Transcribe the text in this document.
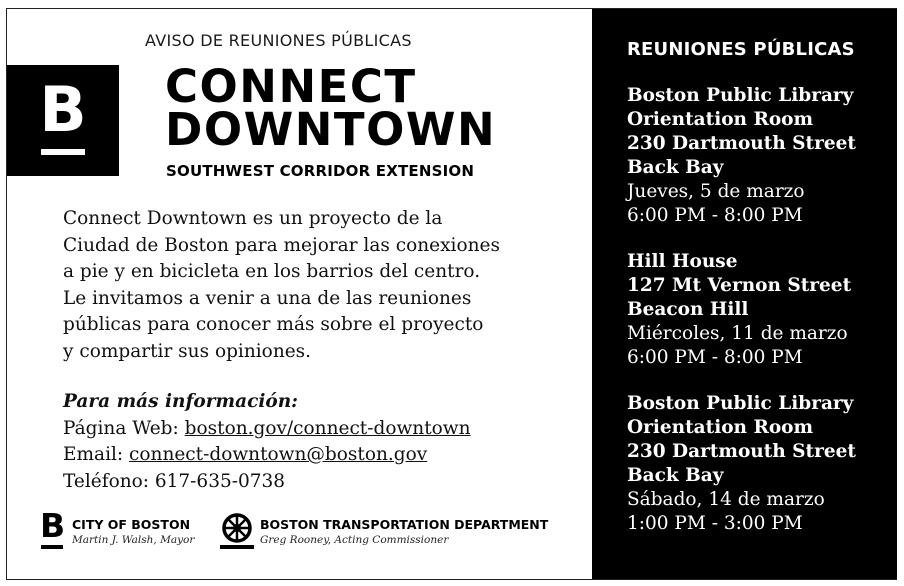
AVISO DE REUNIONES PÚBLICAS
B	CONNECT
DOWNTOWN
SOUTHWEST CORRIDOR EXTENSION
Connect Downtown es un proyecto de la
Ciudad de Boston para mejorar las conexiones
a pie y en bicicleta en los barrios del centro.
Le invitamos a venir a una de las reuniones
públicas para conocer más sobre el proyecto
y compartir sus opiniones.
Para más información:
Página Web: boston.gov/connect-downtown
Email: connect-downtown@boston.gov
Teléfono: 617-635-0738
B CITY OF BOSTON
Martin J. Walsh, Mayor
BOSTON TRANSPORTATION DEPARTMENT
Greg Rooney, Acting Commissioner
REUNIONES PÚBLICAS
Boston Public Library
Orientation Room
230 Dartmouth Street
Back Bay
Jueves, 5 de marzo
6:00 PM - 8:00 PM
Hill House
127 Mt Vernon Street
Beacon Hill
Miércoles, 11 de marzo
6:00 PM - 8:00 PM
Boston Public Library
Orientation Room
230 Dartmouth Street
Back Bay
Sábado, 14 de marzo
1:00 PM - 3:00 PM
